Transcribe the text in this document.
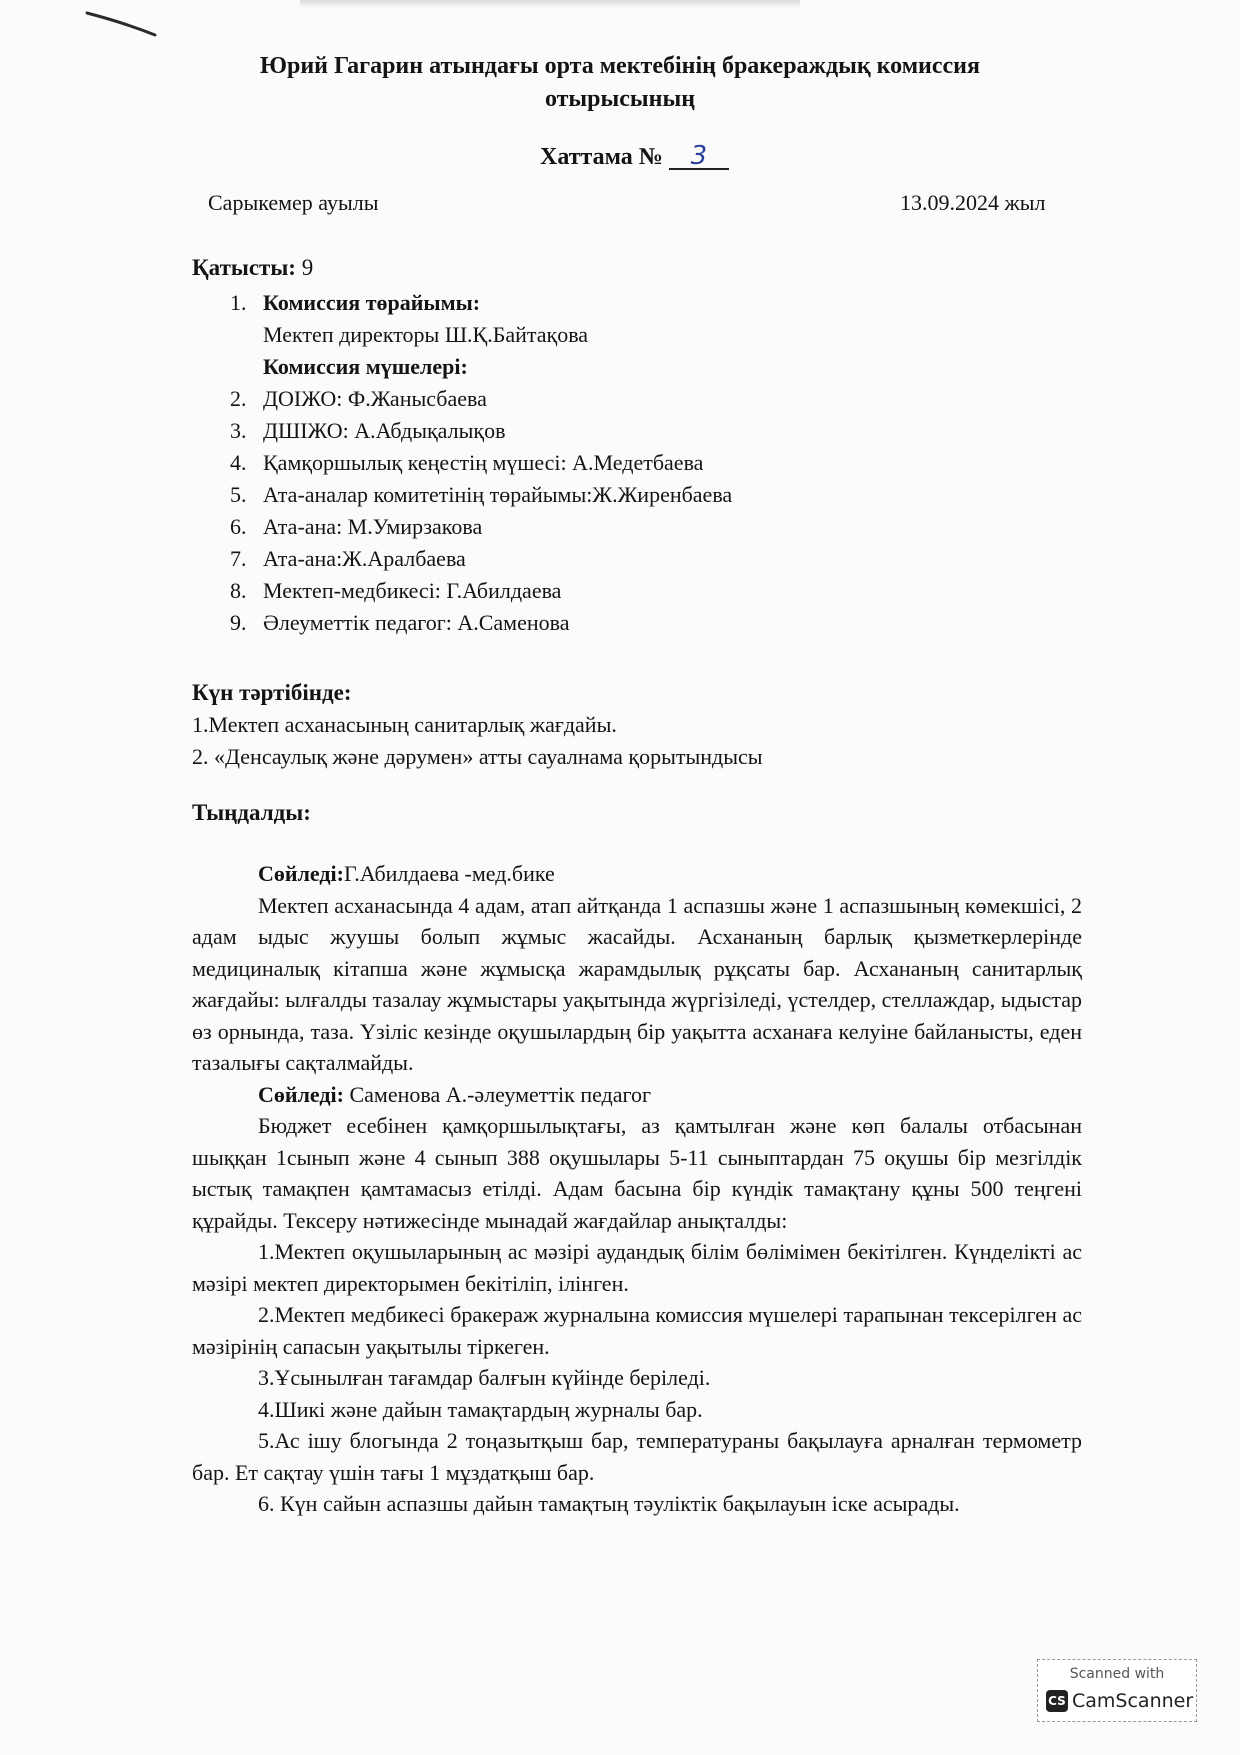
Юрий Гагарин атындағы орта мектебінің бракераждық комиссия
отырысының
Хаттама № 3
Сарыкемер ауылы	13.09.2024 жыл
Қатысты: 9
1. Комиссия төрайымы:
Мектеп директоры Ш.Қ.Байтақова
Комиссия мүшелері:
2. ДОІЖО: Ф.Жанысбаева
3. ДШІЖО: А.Абдықалықов
4. Қамқоршылық кеңестің мүшесі: А.Медетбаева
5. Ата-аналар комитетінің төрайымы:Ж.Жиренбаева
6. Ата-ана: М.Умирзакова
7. Ата-ана:Ж.Аралбаева
8. Мектеп-медбикесі: Г.Абилдаева
9. Әлеуметтік педагог: А.Саменова
Күн тәртібінде:
1.Мектеп асханасының санитарлық жағдайы.
2. «Денсаулық және дәрумен» атты сауалнама қорытындысы
Тыңдалды:

Сөйледі:Г.Абилдаева -мед.бике

Мектеп асханасында 4 адам, атап айтқанда 1 аспазшы және 1 аспазшының көмекшісі, 2 адам ыдыс жуушы болып жұмыс жасайды. Асхананың барлық қызметкерлерінде медициналық кітапша және жұмысқа жарамдылық рұқсаты бар. Асхананың санитарлық жағдайы: ылғалды тазалау жұмыстары уақытында жүргізіледі, үстелдер, стеллаждар, ыдыстар өз орнында, таза. Үзіліс кезінде оқушылардың бір уақытта асханаға келуіне байланысты, еден тазалығы сақталмайды.

Сөйледі: Саменова А.-әлеуметтік педагог

Бюджет есебінен қамқоршылықтағы, аз қамтылған және көп балалы отбасынан шыққан 1сынып және 4 сынып 388 оқушылары 5-11 сыныптардан 75 оқушы бір мезгілдік ыстық тамақпен қамтамасыз етілді. Адам басына бір күндік тамақтану құны 500 теңгені құрайды. Тексеру нәтижесінде мынадай жағдайлар анықталды:

1.Мектеп оқушыларының ас мәзірі аудандық білім бөлімімен бекітілген. Күнделікті ас мәзірі мектеп директорымен бекітіліп, ілінген.

2.Мектеп медбикесі бракераж журналына комиссия мүшелері тарапынан тексерілген ас мәзірінің сапасын уақытылы тіркеген.

3.Ұсынылған тағамдар балғын күйінде беріледі.

4.Шикі және дайын тамақтардың журналы бар.

5.Ас ішу блогында 2 тоңазытқыш бар, температураны бақылауға арналған термометр бар. Ет сақтау үшін тағы 1 мұздатқыш бар.

6. Күн сайын аспазшы дайын тамақтың тәуліктік бақылауын іске асырады.

Scanned with
CS CamScanner
